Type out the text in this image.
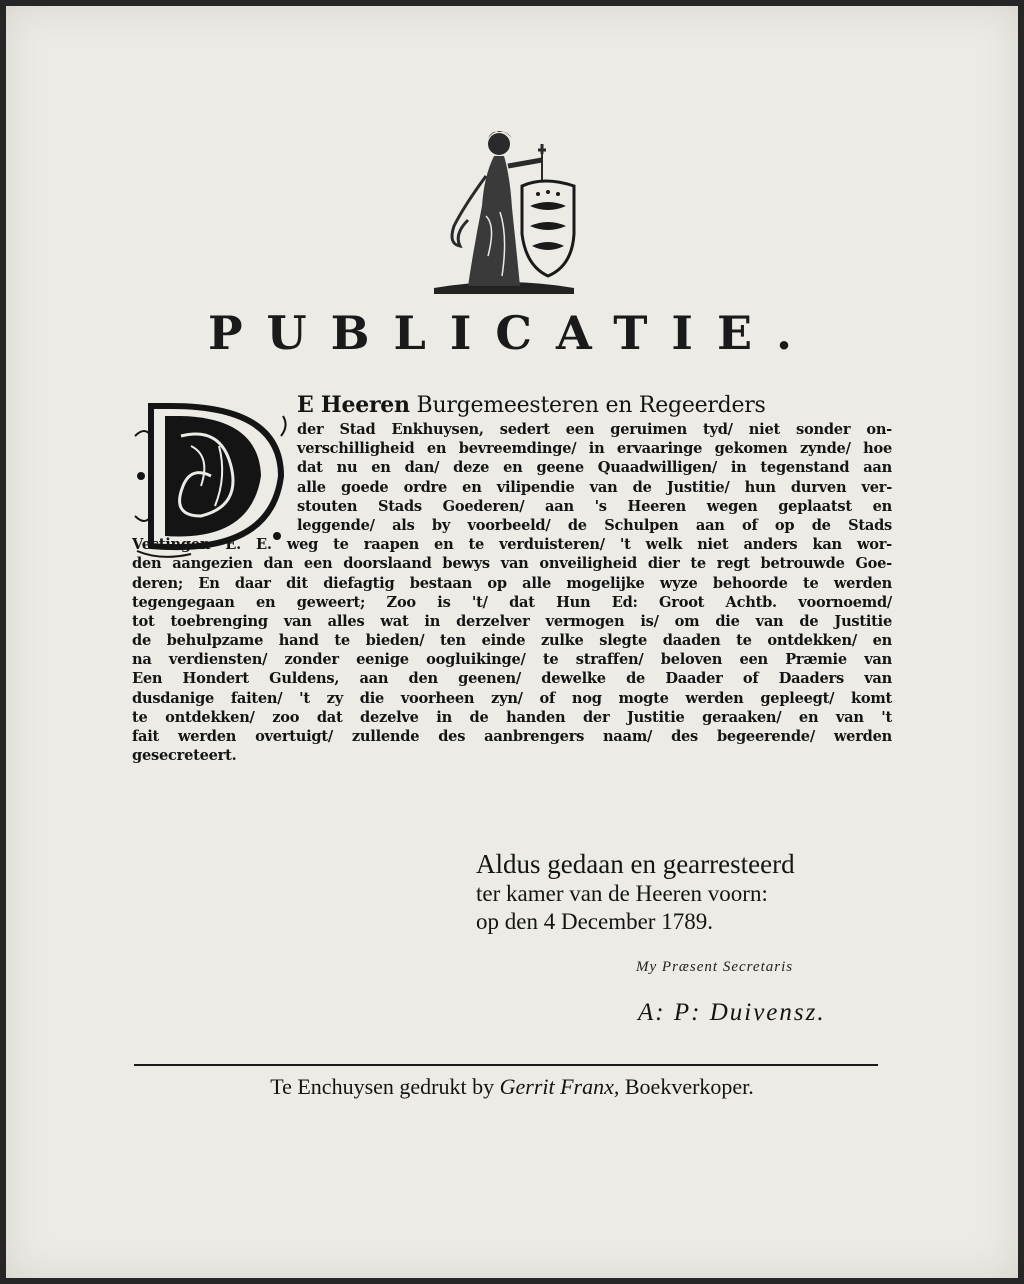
PUBLICATIE.
E Heeren Burgemeesteren en Regeerders
der Stad Enkhuysen, sedert een geruimen tyd/ niet sonder on-
verschilligheid en bevreemdinge/ in ervaaringe gekomen zynde/ hoe
dat nu en dan/ deze en geene Quaadwilligen/ in tegenstand aan
alle goede ordre en vilipendie van de Justitie/ hun durven ver-
stouten Stads Goederen/ aan 's Heeren wegen geplaatst en
leggende/ als by voorbeeld/ de Schulpen aan of op de Stads
Vestingen E. E. weg te raapen en te verduisteren/ 't welk niet anders kan wor-
den aangezien dan een doorslaand bewys van onveiligheid dier te regt betrouwde Goe-
deren; En daar dit diefagtig bestaan op alle mogelijke wyze behoorde te werden
tegengegaan en geweert; Zoo is 't/ dat Hun Ed: Groot Achtb. voornoemd/
tot toebrenging van alles wat in derzelver vermogen is/ om die van de Justitie
de behulpzame hand te bieden/ ten einde zulke slegte daaden te ontdekken/ en
na verdiensten/ zonder eenige oogluikinge/ te straffen/ beloven een Præmie van
Een Hondert Guldens, aan den geenen/ dewelke de Daader of Daaders van
dusdanige faiten/ 't zy die voorheen zyn/ of nog mogte werden gepleegt/ komt
te ontdekken/ zoo dat dezelve in de handen der Justitie geraaken/ en van 't
fait werden overtuigt/ zullende des aanbrengers naam/ des begeerende/ werden
gesecreteert.
Aldus gedaan en gearresteerd
ter kamer van de Heeren voorn:
op den 4 December 1789.
My Præsent Secretaris
A: P: Duivensz.
Te Enchuysen gedrukt by Gerrit Franx, Boekverkoper.
